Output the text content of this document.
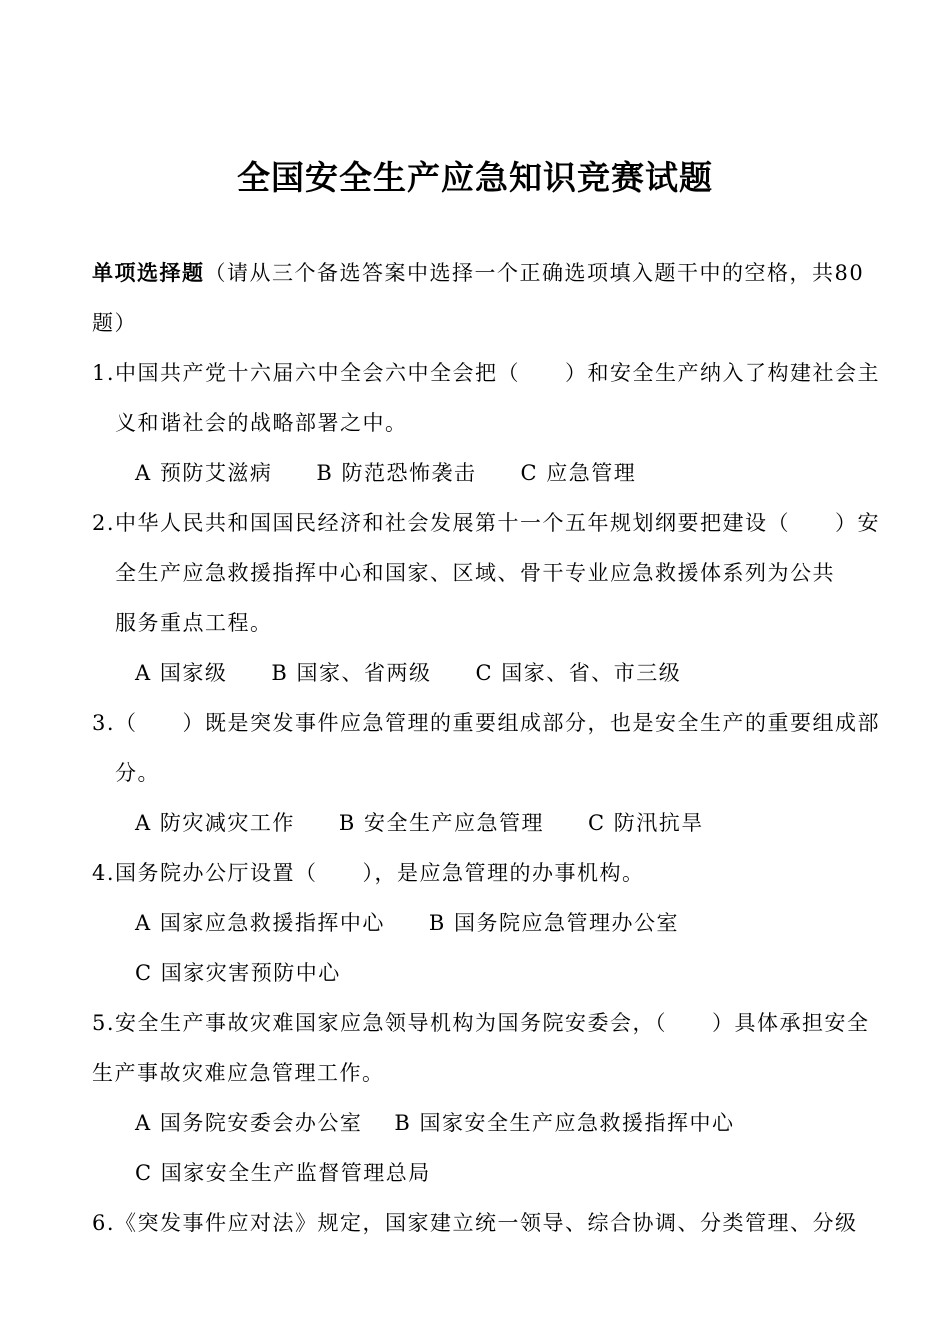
全国安全生产应急知识竞赛试题
单项选择题（请从三个备选答案中选择一个正确选项填入题干中的空格，共80
题）
1.中国共产党十六届六中全会六中全会把（　　）和安全生产纳入了构建社会主
义和谐社会的战略部署之中。
A 预防艾滋病 B 防范恐怖袭击 C 应急管理
2.中华人民共和国国民经济和社会发展第十一个五年规划纲要把建设（　　）安
全生产应急救援指挥中心和国家、区域、骨干专业应急救援体系列为公共
服务重点工程。
A 国家级 B 国家、省两级 C 国家、省、市三级
3.（　　）既是突发事件应急管理的重要组成部分，也是安全生产的重要组成部
分。
A 防灾减灾工作 B 安全生产应急管理 C 防汛抗旱
4.国务院办公厅设置（　　），是应急管理的办事机构。
A 国家应急救援指挥中心 B 国务院应急管理办公室
C 国家灾害预防中心
5.安全生产事故灾难国家应急领导机构为国务院安委会，（　　）具体承担安全
生产事故灾难应急管理工作。
A 国务院安委会办公室 B 国家安全生产应急救援指挥中心
C 国家安全生产监督管理总局
6.《突发事件应对法》规定，国家建立统一领导、综合协调、分类管理、分级
